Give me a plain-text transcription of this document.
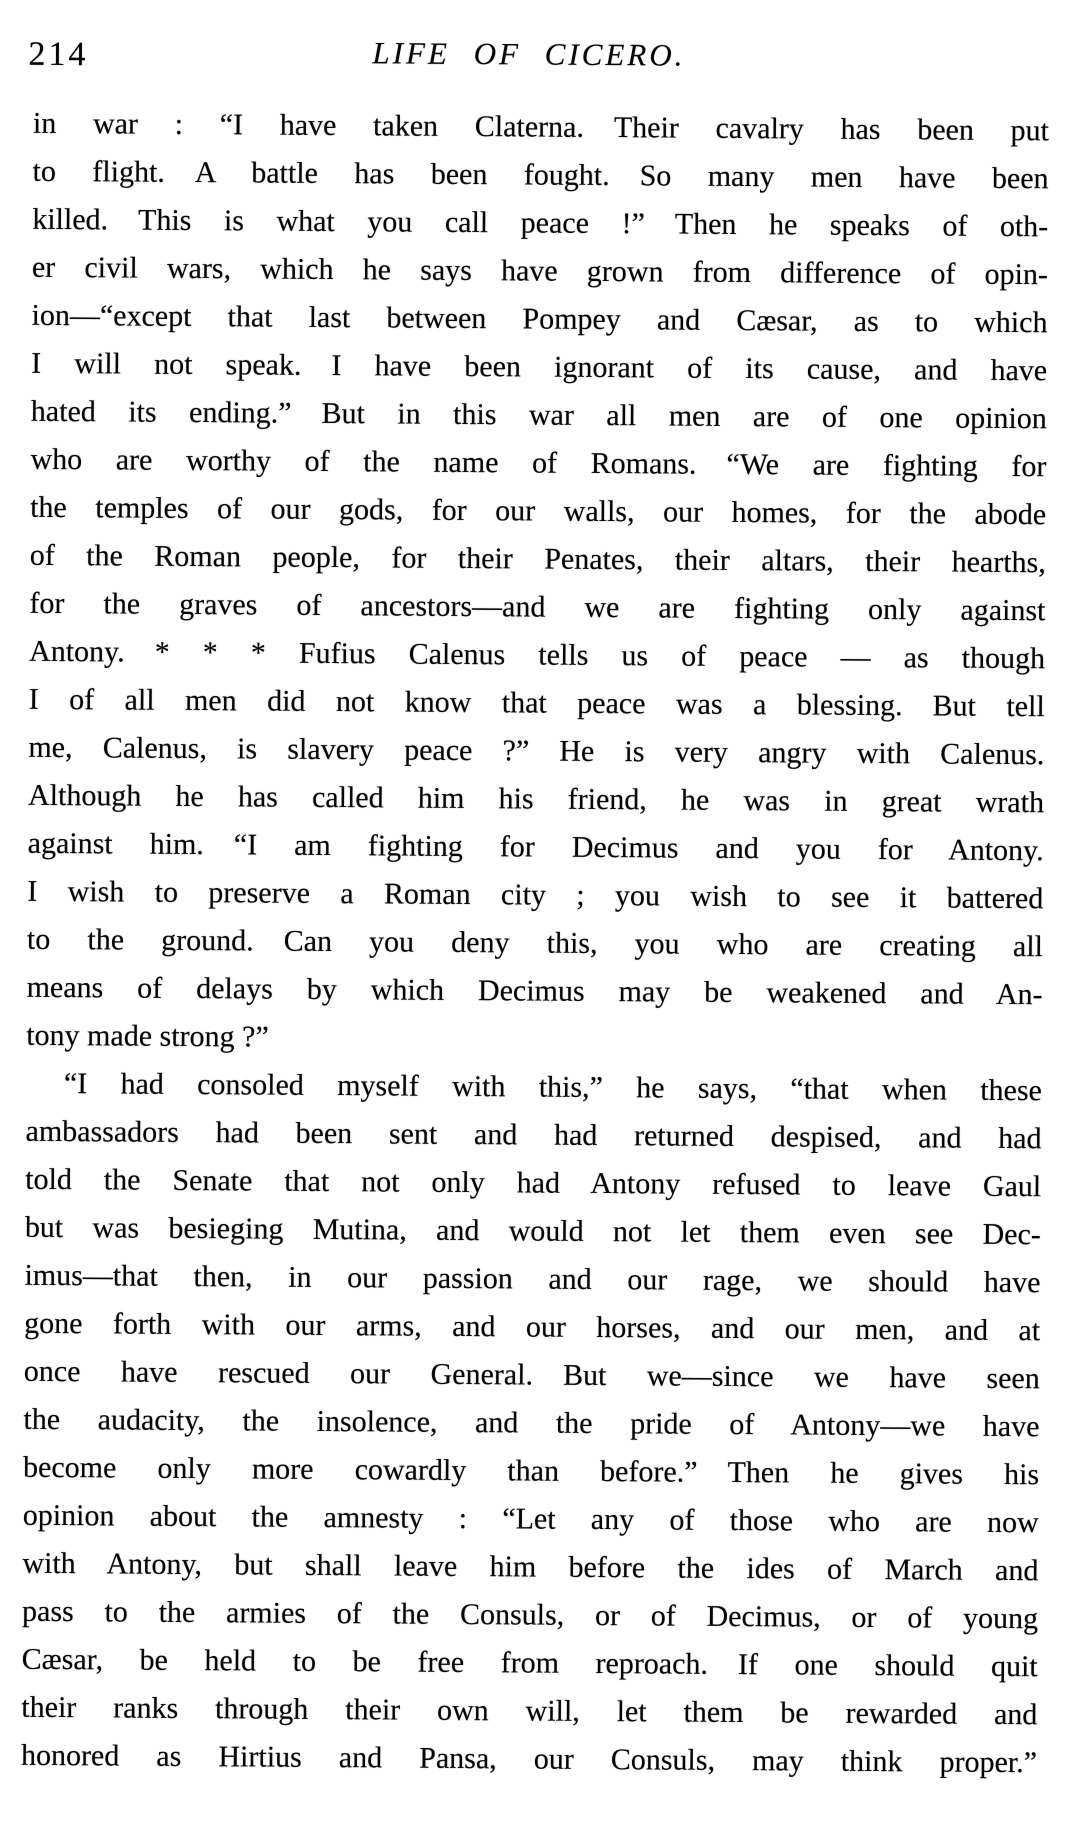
214	LIFE OF CICERO.
in war : “I have taken Claterna. Their cavalry has been put
to flight. A battle has been fought. So many men have been
killed. This is what you call peace !” Then he speaks of oth-
er civil wars, which he says have grown from difference of opin-
ion—“except that last between Pompey and Cæsar, as to which
I will not speak. I have been ignorant of its cause, and have
hated its ending.” But in this war all men are of one opinion
who are worthy of the name of Romans. “We are fighting for
the temples of our gods, for our walls, our homes, for the abode
of the Roman people, for their Penates, their altars, their hearths,
for the graves of ancestors—and we are fighting only against
Antony. * * * Fufius Calenus tells us of peace — as though
I of all men did not know that peace was a blessing. But tell
me, Calenus, is slavery peace ?” He is very angry with Calenus.
Although he has called him his friend, he was in great wrath
against him. “I am fighting for Decimus and you for Antony.
I wish to preserve a Roman city ; you wish to see it battered
to the ground. Can you deny this, you who are creating all
means of delays by which Decimus may be weakened and An-
tony made strong ?”
“I had consoled myself with this,” he says, “that when these
ambassadors had been sent and had returned despised, and had
told the Senate that not only had Antony refused to leave Gaul
but was besieging Mutina, and would not let them even see Dec-
imus—that then, in our passion and our rage, we should have
gone forth with our arms, and our horses, and our men, and at
once have rescued our General. But we—since we have seen
the audacity, the insolence, and the pride of Antony—we have
become only more cowardly than before.” Then he gives his
opinion about the amnesty : “Let any of those who are now
with Antony, but shall leave him before the ides of March and
pass to the armies of the Consuls, or of Decimus, or of young
Cæsar, be held to be free from reproach. If one should quit
their ranks through their own will, let them be rewarded and
honored as Hirtius and Pansa, our Consuls, may think proper.”
